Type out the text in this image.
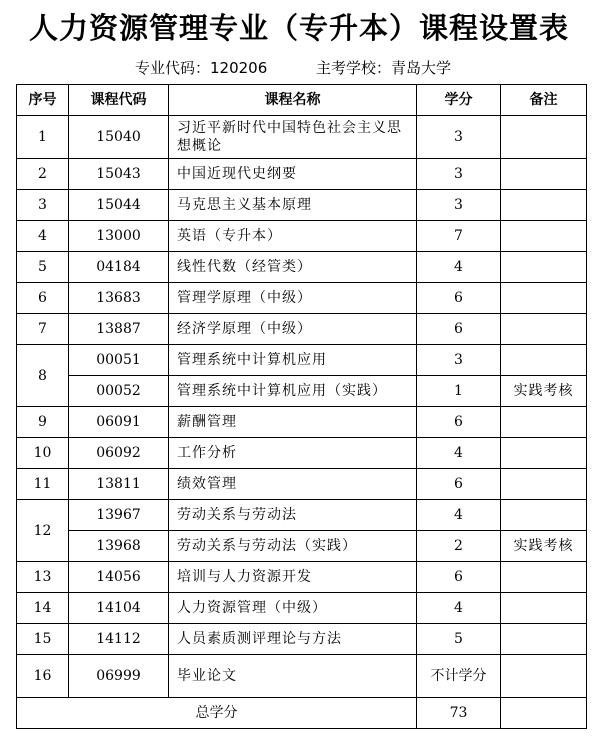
人力资源管理专业（专升本）课程设置表
专业代码：120206	主考学校：青岛大学
序号	课程代码	课程名称	学分	备注
1	15040	习近平新时代中国特色社会主义思想概论	3	
2	15043	中国近现代史纲要	3	
3	15044	马克思主义基本原理	3	
4	13000	英语（专升本）	7	
5	04184	线性代数（经管类）	4	
6	13683	管理学原理（中级）	6	
7	13887	经济学原理（中级）	6	
8	00051	管理系统中计算机应用	3	
	00052	管理系统中计算机应用（实践）	1	实践考核
9	06091	薪酬管理	6	
10	06092	工作分析	4	
11	13811	绩效管理	6	
12	13967	劳动关系与劳动法	4	
	13968	劳动关系与劳动法（实践）	2	实践考核
13	14056	培训与人力资源开发	6	
14	14104	人力资源管理（中级）	4	
15	14112	人员素质测评理论与方法	5	
16	06999	毕业论文	不计学分	
总学分			73	
